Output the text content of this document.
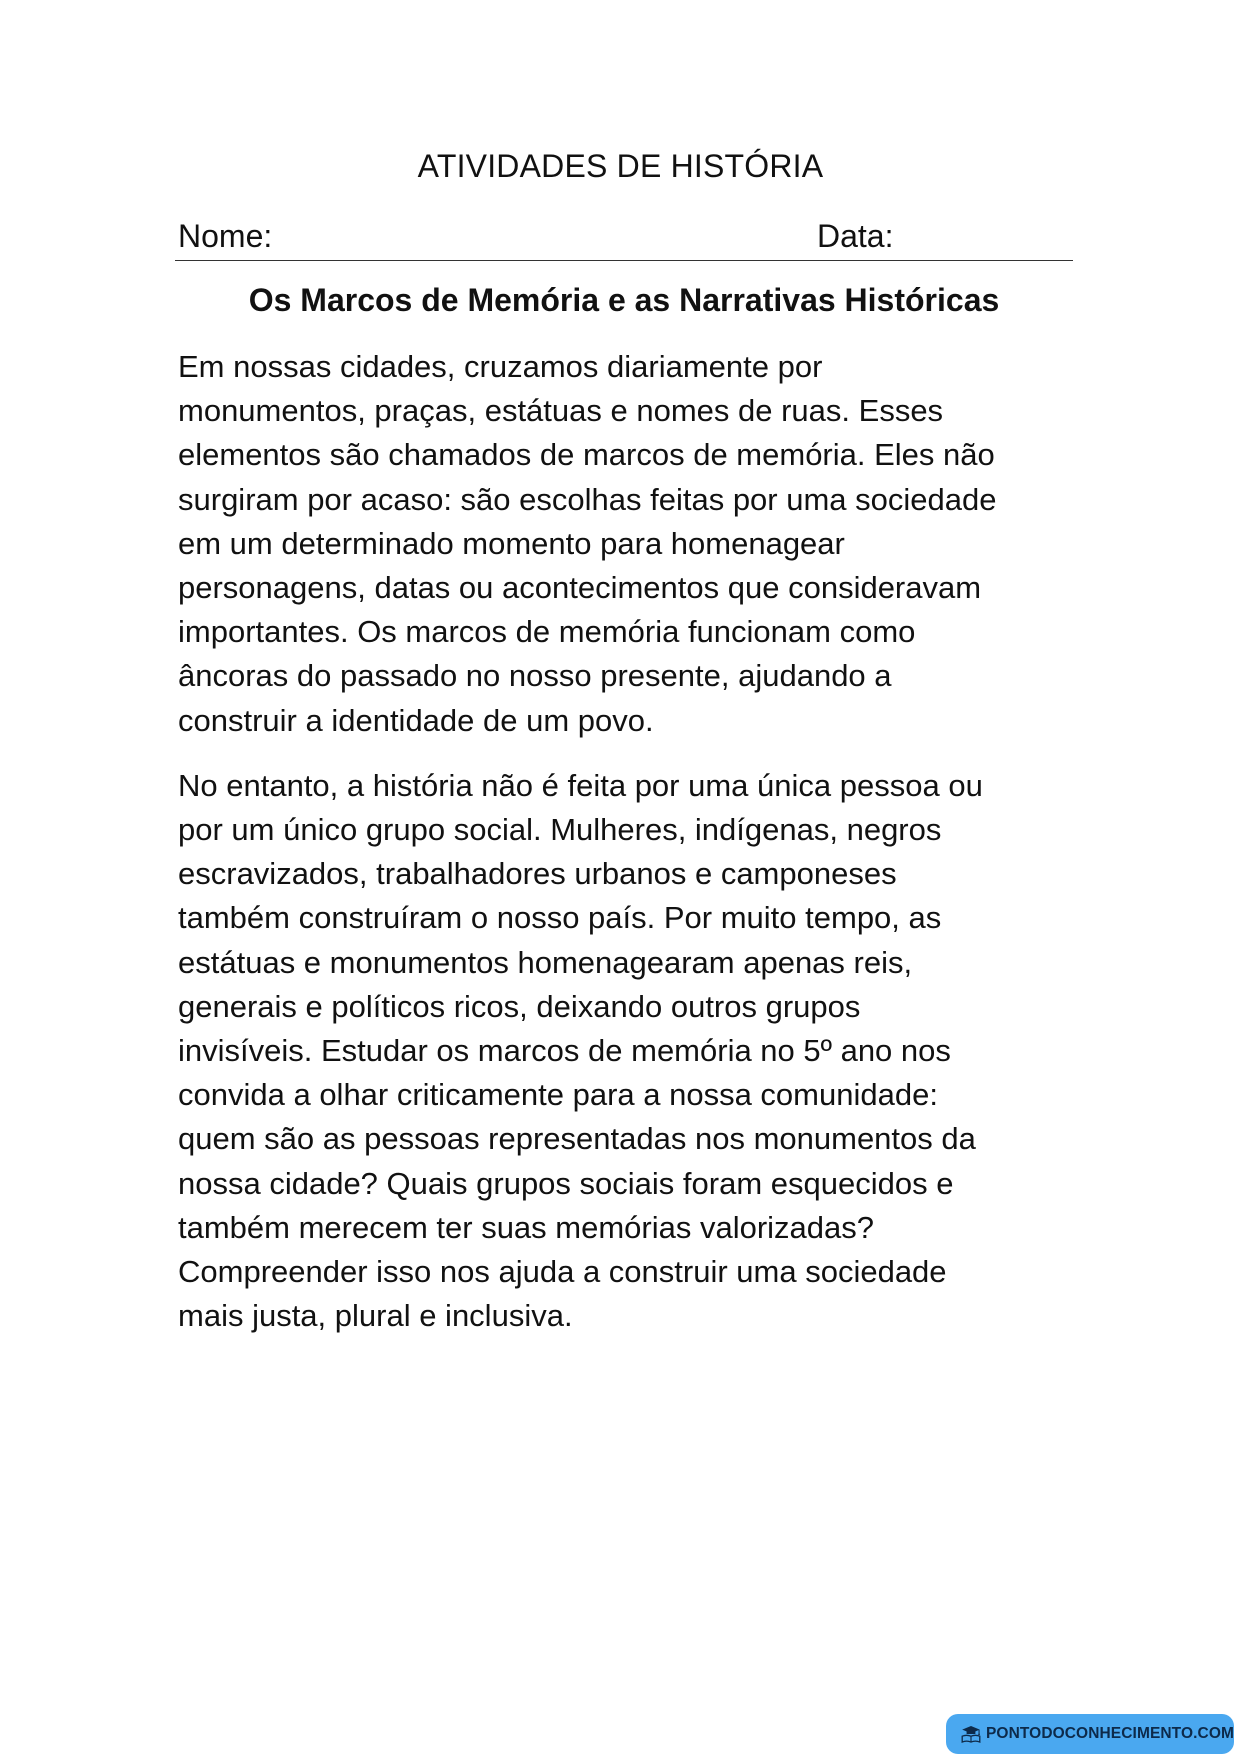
ATIVIDADES DE HISTÓRIA
Nome:	Data:
Os Marcos de Memória e as Narrativas Históricas

Em nossas cidades, cruzamos diariamente por
monumentos, praças, estátuas e nomes de ruas. Esses
elementos são chamados de marcos de memória. Eles não
surgiram por acaso: são escolhas feitas por uma sociedade
em um determinado momento para homenagear
personagens, datas ou acontecimentos que consideravam
importantes. Os marcos de memória funcionam como
âncoras do passado no nosso presente, ajudando a
construir a identidade de um povo.

No entanto, a história não é feita por uma única pessoa ou
por um único grupo social. Mulheres, indígenas, negros
escravizados, trabalhadores urbanos e camponeses
também construíram o nosso país. Por muito tempo, as
estátuas e monumentos homenagearam apenas reis,
generais e políticos ricos, deixando outros grupos
invisíveis. Estudar os marcos de memória no 5º ano nos
convida a olhar criticamente para a nossa comunidade:
quem são as pessoas representadas nos monumentos da
nossa cidade? Quais grupos sociais foram esquecidos e
também merecem ter suas memórias valorizadas?
Compreender isso nos ajuda a construir uma sociedade
mais justa, plural e inclusiva.

PONTODOCONHECIMENTO.COM
